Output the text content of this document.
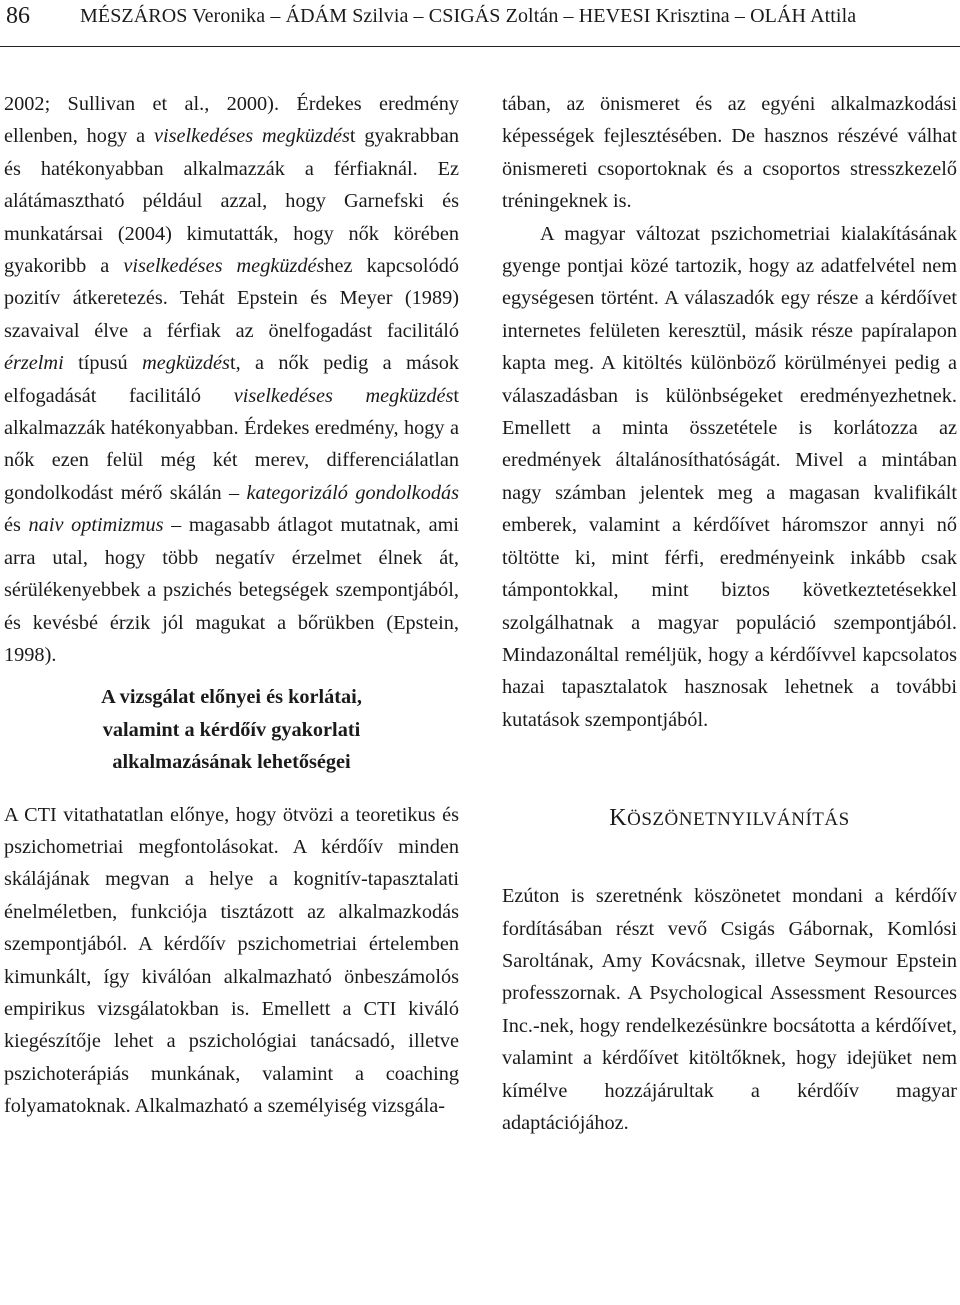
86	MÉSZÁROS Veronika – ÁDÁM Szilvia – CSIGÁS Zoltán – HEVESI Krisztina – OLÁH Attila

2002; Sullivan et al., 2000). Érdekes eredmény ellenben, hogy a viselkedéses megküzdést gyakrabban és hatékonyabban alkalmazzák a férfiaknál. Ez alátámasztható például azzal, hogy Garnefski és munkatársai (2004) kimutatták, hogy nők körében gyakoribb a viselkedéses megküzdéshez kapcsolódó pozitív átkeretezés. Tehát Epstein és Meyer (1989) szavaival élve a férfiak az önelfogadást facilitáló érzelmi típusú megküzdést, a nők pedig a mások elfogadását facilitáló viselkedéses megküzdést alkalmazzák hatékonyabban. Érdekes eredmény, hogy a nők ezen felül még két merev, differenciálatlan gondolkodást mérő skálán – kategorizáló gondolkodás és naiv optimizmus – magasabb átlagot mutatnak, ami arra utal, hogy több negatív érzelmet élnek át, sérülékenyebbek a pszichés betegségek szempontjából, és kevésbé érzik jól magukat a bőrükben (Epstein, 1998).

A vizsgálat előnyei és korlátai,
valamint a kérdőív gyakorlati
alkalmazásának lehetőségei

A CTI vitathatatlan előnye, hogy ötvözi a teoretikus és pszichometriai megfontolásokat. A kérdőív minden skálájának megvan a helye a kognitív-tapasztalati énelméletben, funkciója tisztázott az alkalmazkodás szempontjából. A kérdőív pszichometriai értelemben kimunkált, így kiválóan alkalmazható önbeszámolós empirikus vizsgálatokban is. Emellett a CTI kiváló kiegészítője lehet a pszichológiai tanácsadó, illetve pszichoterápiás munkának, valamint a coaching folyamatoknak. Alkalmazható a személyiség vizsgála-

tában, az önismeret és az egyéni alkalmazkodási képességek fejlesztésében. De hasznos részévé válhat önismereti csoportoknak és a csoportos stresszkezelő tréningeknek is.

A magyar változat pszichometriai kialakításának gyenge pontjai közé tartozik, hogy az adatfelvétel nem egységesen történt. A válaszadók egy része a kérdőívet internetes felületen keresztül, másik része papíralapon kapta meg. A kitöltés különböző körülményei pedig a válaszadásban is különbségeket eredményezhetnek. Emellett a minta összetétele is korlátozza az eredmények általánosíthatóságát. Mivel a mintában nagy számban jelentek meg a magasan kvalifikált emberek, valamint a kérdőívet háromszor annyi nő töltötte ki, mint férfi, eredményeink inkább csak támpontokkal, mint biztos következtetésekkel szolgálhatnak a magyar populáció szempontjából. Mindazonáltal reméljük, hogy a kérdőívvel kapcsolatos hazai tapasztalatok hasznosak lehetnek a további kutatások szempontjából.

KÖSZÖNETNYILVÁNÍTÁS

Ezúton is szeretnénk köszönetet mondani a kérdőív fordításában részt vevő Csigás Gábornak, Komlósi Saroltának, Amy Kovácsnak, illetve Seymour Epstein professzornak. A Psychological Assessment Resources Inc.-nek, hogy rendelkezésünkre bocsátotta a kérdőívet, valamint a kérdőívet kitöltőknek, hogy idejüket nem kímélve hozzájárultak a kérdőív magyar adaptációjához.
